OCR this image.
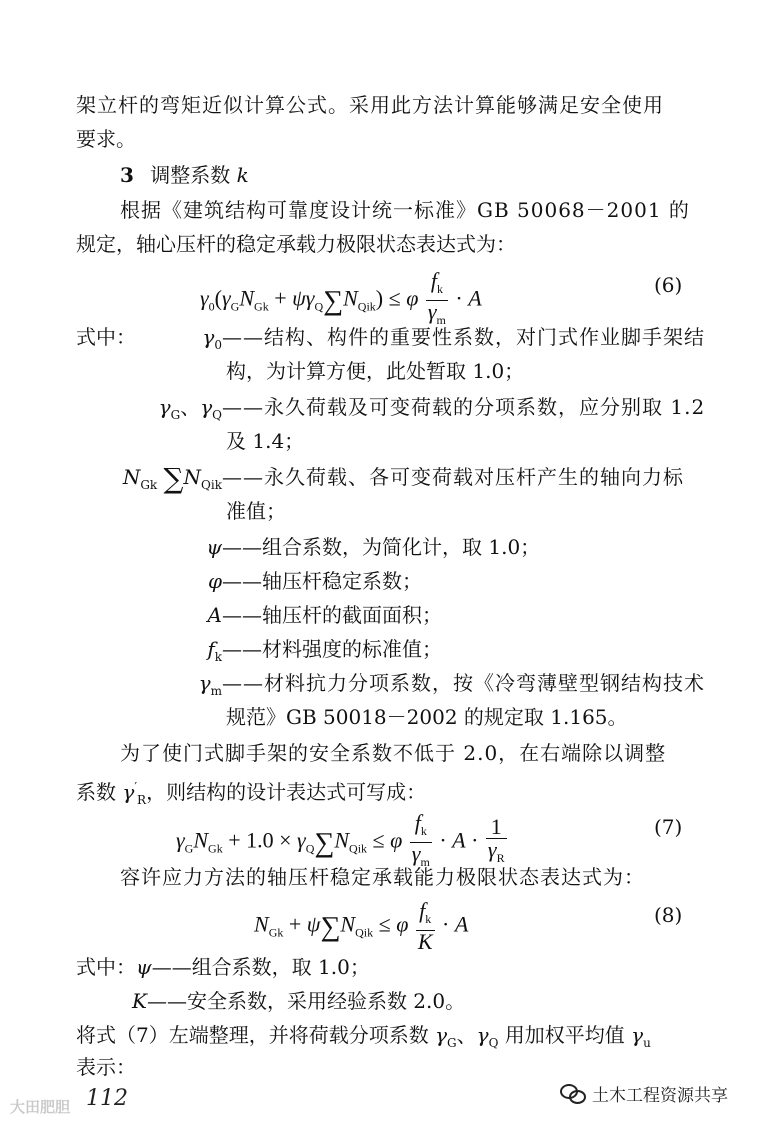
架立杆的弯矩近似计算公式。采用此方法计算能够满足安全使用
要求。
3 调整系数 k
根据《建筑结构可靠度设计统一标准》GB 50068－2001 的
规定，轴心压杆的稳定承载力极限状态表达式为：
$\gamma_0(\gamma_GN_{Gk} + \psi\gamma_Q\sum N_{Qik}) \le \varphi \frac{f_k}{\gamma_m} \cdot A$
(6)
式中：	$\gamma_0$ ——结构、构件的重要性系数，对门式作业脚手架结
构，为计算方便，此处暂取 1.0；
$\gamma_G$、$\gamma_Q$ ——永久荷载及可变荷载的分项系数，应分别取 1.2
及 1.4；
$N_{Gk}$ $\sum N_{Qik}$ ——永久荷载、各可变荷载对压杆产生的轴向力标
准值；
ψ ——组合系数，为简化计，取 1.0；
φ ——轴压杆稳定系数；
A ——轴压杆的截面面积；
$f_k$ ——材料强度的标准值；
$\gamma_m$ ——材料抗力分项系数，按《冷弯薄壁型钢结构技术
规范》GB 50018－2002 的规定取 1.165。
为了使门式脚手架的安全系数不低于 2.0，在右端除以调整
系数 $\gamma'_R$，则结构的设计表达式可写成：
$\gamma_GN_{Gk} + 1.0 \times \gamma_Q\sum N_{Qik} \le \varphi \frac{f_k}{\gamma_m} \cdot A \cdot \frac{1}{\gamma_R}$	(7)
容许应力方法的轴压杆稳定承载能力极限状态表达式为：
$N_{Gk} + \psi\sum N_{Qik} \le \varphi \frac{f_k}{K} \cdot A$	(8)
式中：ψ——组合系数，取 1.0；
K——安全系数，采用经验系数 2.0。
将式（7）左端整理，并将荷载分项系数 $\gamma_G$、$\gamma_Q$ 用加权平均值 $\gamma_u$
表示：
112
大田肥胆
土木工程资源共享
